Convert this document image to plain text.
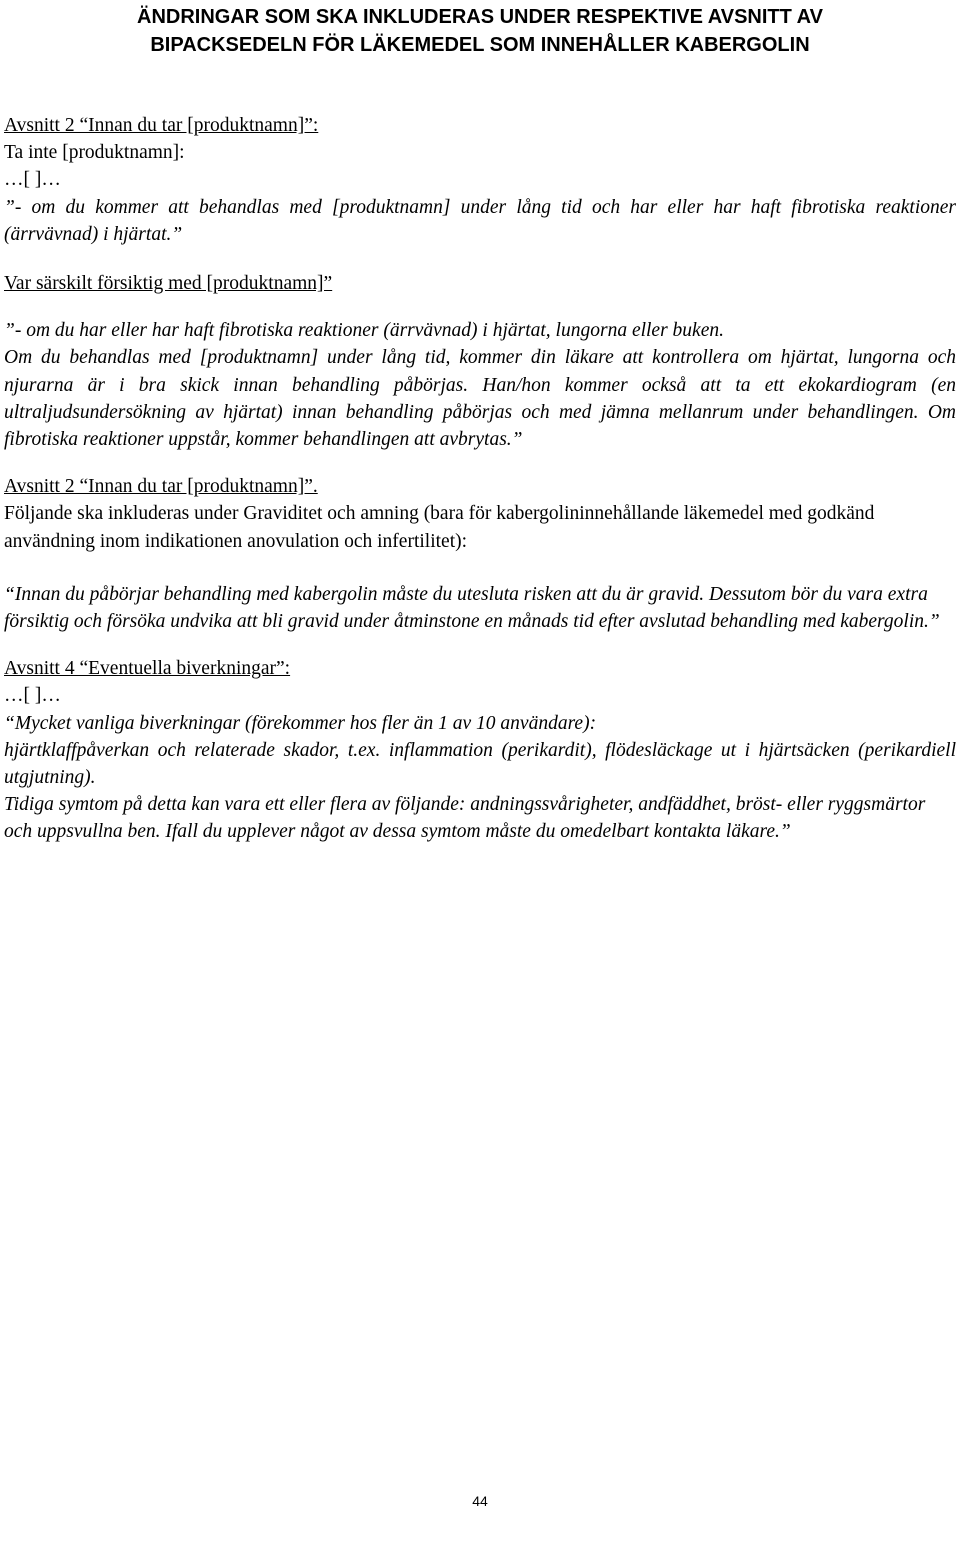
ÄNDRINGAR SOM SKA INKLUDERAS UNDER RESPEKTIVE AVSNITT AV
BIPACKSEDELN FÖR LÄKEMEDEL SOM INNEHÅLLER KABERGOLIN

Avsnitt 2 “Innan du tar [produktnamn]”:

Ta inte [produktnamn]:

…[ ]…

”- om du kommer att behandlas med [produktnamn] under lång tid och har eller har haft fibrotiska reaktioner (ärrvävnad) i hjärtat.”

Var särskilt försiktig med [produktnamn]”

”- om du har eller har haft fibrotiska reaktioner (ärrvävnad) i hjärtat, lungorna eller buken.

Om du behandlas med [produktnamn] under lång tid, kommer din läkare att kontrollera om hjärtat, lungorna och njurarna är i bra skick innan behandling påbörjas. Han/hon kommer också att ta ett ekokardiogram (en ultraljudsundersökning av hjärtat) innan behandling påbörjas och med jämna mellanrum under behandlingen. Om fibrotiska reaktioner uppstår, kommer behandlingen att avbrytas.”

Avsnitt 2 “Innan du tar [produktnamn]”.

Följande ska inkluderas under Graviditet och amning (bara för kabergolininnehållande läkemedel med godkänd användning inom indikationen anovulation och infertilitet):

“Innan du påbörjar behandling med kabergolin måste du utesluta risken att du är gravid. Dessutom bör du vara extra försiktig och försöka undvika att bli gravid under åtminstone en månads tid efter avslutad behandling med kabergolin.”

Avsnitt 4 “Eventuella biverkningar”:

…[ ]…

“Mycket vanliga biverkningar (förekommer hos fler än 1 av 10 användare):

hjärtklaffpåverkan och relaterade skador, t.ex. inflammation (perikardit), flödesläckage ut i hjärtsäcken (perikardiell utgjutning).

Tidiga symtom på detta kan vara ett eller flera av följande: andningssvårigheter, andfäddhet, bröst- eller ryggsmärtor och uppsvullna ben. Ifall du upplever något av dessa symtom måste du omedelbart kontakta läkare.”

44
